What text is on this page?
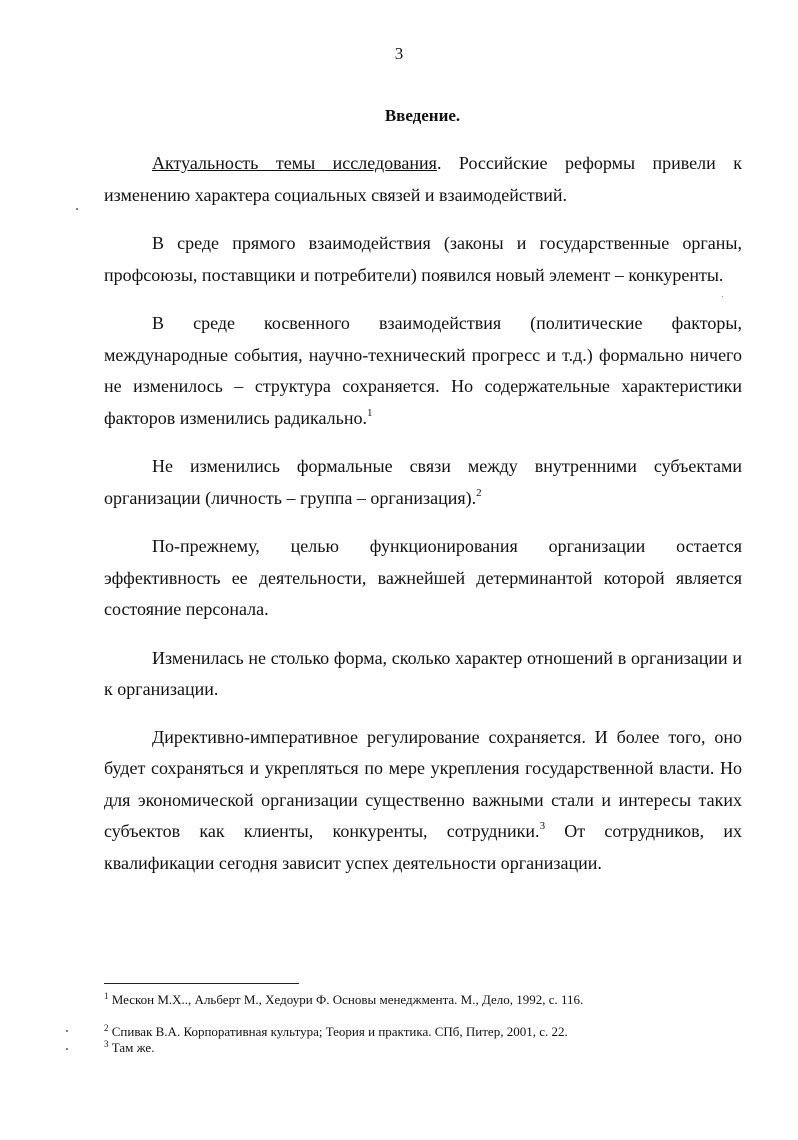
3
Введение.

Актуальность темы исследования. Российские реформы привели к изменению характера социальных связей и взаимодействий.

В среде прямого взаимодействия (законы и государственные органы, профсоюзы, поставщики и потребители) появился новый элемент – конкуренты.

В среде косвенного взаимодействия (политические факторы, международные события, научно-технический прогресс и т.д.) формально ничего не изменилось – структура сохраняется. Но содержательные характеристики факторов изменились радикально.$^1$

Не изменились формальные связи между внутренними субъектами организации (личность – группа – организация).$^2$

По-прежнему, целью функционирования организации остается эффективность ее деятельности, важнейшей детерминантой которой является состояние персонала.

Изменилась не столько форма, сколько характер отношений в организации и к организации.

Директивно-императивное регулирование сохраняется. И более того, оно будет сохраняться и укрепляться по мере укрепления государственной власти. Но для экономической организации существенно важными стали и интересы таких субъектов как клиенты, конкуренты, сотрудники.$^3$ От сотрудников, их квалификации сегодня зависит успех деятельности организации.

$^1$ Мескон М.Х.., Альберт М., Хедоури Ф. Основы менеджмента. М., Дело, 1992, с. 116.

$^2$ Спивак В.А. Корпоративная культура; Теория и практика. СПб, Питер, 2001, с. 22.

$^3$ Там же.
